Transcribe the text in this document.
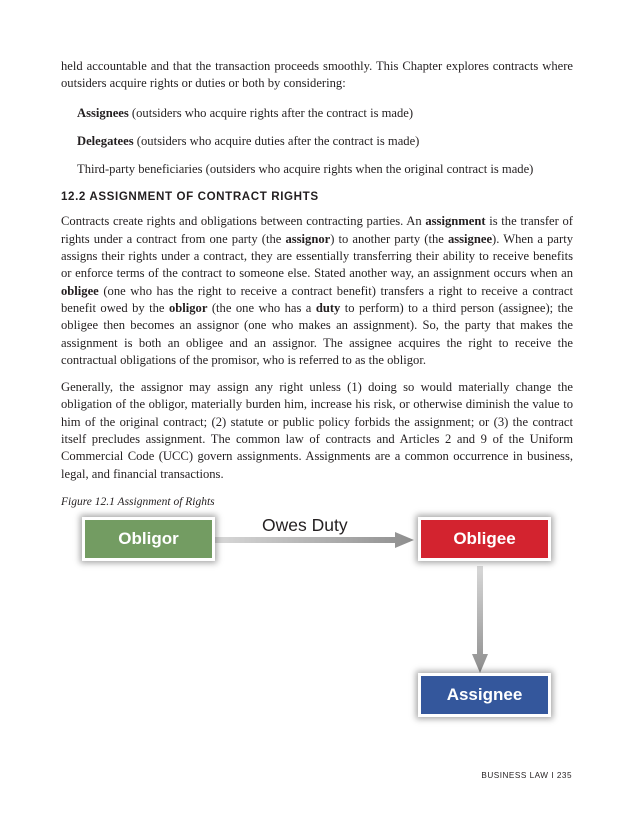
held accountable and that the transaction proceeds smoothly. This Chapter explores contracts where outsiders acquire rights or duties or both by considering:

Assignees (outsiders who acquire rights after the contract is made)

Delegatees (outsiders who acquire duties after the contract is made)

Third-party beneficiaries (outsiders who acquire rights when the original contract is made)

12.2 ASSIGNMENT OF CONTRACT RIGHTS

Contracts create rights and obligations between contracting parties. An assignment is the transfer of rights under a contract from one party (the assignor) to another party (the assignee). When a party assigns their rights under a contract, they are essentially transferring their ability to receive benefits or enforce terms of the contract to someone else. Stated another way, an assignment occurs when an obligee (one who has the right to receive a contract benefit) transfers a right to receive a contract benefit owed by the obligor (the one who has a duty to perform) to a third person (assignee); the obligee then becomes an assignor (one who makes an assignment). So, the party that makes the assignment is both an obligee and an assignor. The assignee acquires the right to receive the contractual obligations of the promisor, who is referred to as the obligor.

Generally, the assignor may assign any right unless (1) doing so would materially change the obligation of the obligor, materially burden him, increase his risk, or otherwise diminish the value to him of the original contract; (2) statute or public policy forbids the assignment; or (3) the contract itself precludes assignment. The common law of contracts and Articles 2 and 9 of the Uniform Commercial Code (UCC) govern assignments. Assignments are a common occurrence in business, legal, and financial transactions.

Figure 12.1 Assignment of Rights

Owes Duty
Obligor	Obligee
Assignee
BUSINESS LAW I 235
